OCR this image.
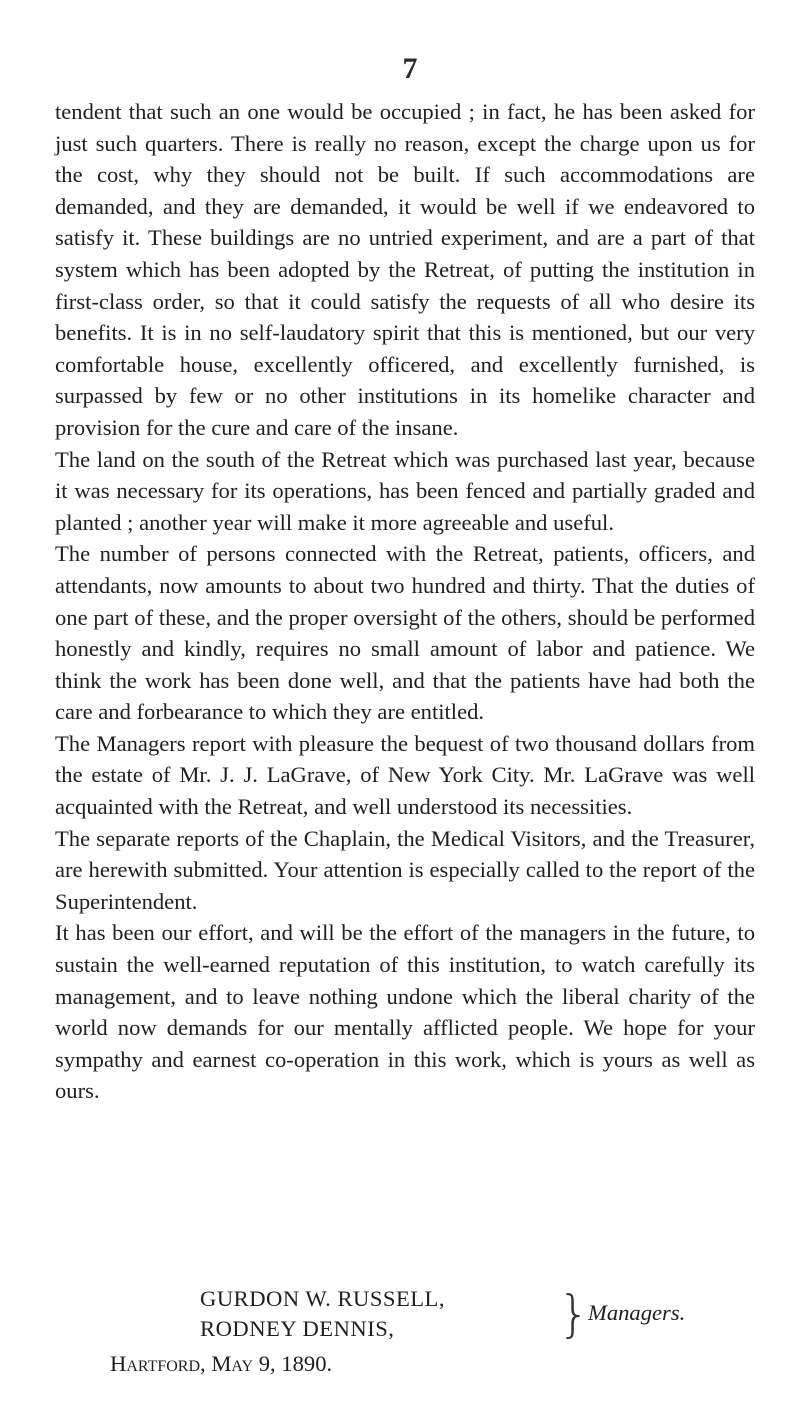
7

tendent that such an one would be occupied ; in fact, he has been asked for just such quarters. There is really no reason, except the charge upon us for the cost, why they should not be built. If such accommodations are demanded, and they are demanded, it would be well if we endeavored to satisfy it. These buildings are no untried experiment, and are a part of that system which has been adopted by the Retreat, of putting the institution in first-class order, so that it could satisfy the requests of all who desire its benefits. It is in no self-laudatory spirit that this is mentioned, but our very comfortable house, excellently officered, and excellently furnished, is surpassed by few or no other institutions in its homelike character and provision for the cure and care of the insane.

The land on the south of the Retreat which was purchased last year, because it was necessary for its operations, has been fenced and partially graded and planted ; another year will make it more agreeable and useful.

The number of persons connected with the Retreat, patients, officers, and attendants, now amounts to about two hundred and thirty. That the duties of one part of these, and the proper oversight of the others, should be performed honestly and kindly, requires no small amount of labor and patience. We think the work has been done well, and that the patients have had both the care and forbearance to which they are entitled.

The Managers report with pleasure the bequest of two thousand dollars from the estate of Mr. J. J. LaGrave, of New York City. Mr. LaGrave was well acquainted with the Retreat, and well understood its necessities.

The separate reports of the Chaplain, the Medical Visitors, and the Treasurer, are herewith submitted. Your attention is especially called to the report of the Superintendent.

It has been our effort, and will be the effort of the managers in the future, to sustain the well-earned reputation of this institution, to watch carefully its management, and to leave nothing undone which the liberal charity of the world now demands for our mentally afflicted people. We hope for your sympathy and earnest co-operation in this work, which is yours as well as ours.

GURDON W. RUSSELL,
RODNEY DENNIS,	}
Managers.
Hartford, May 9, 1890.
